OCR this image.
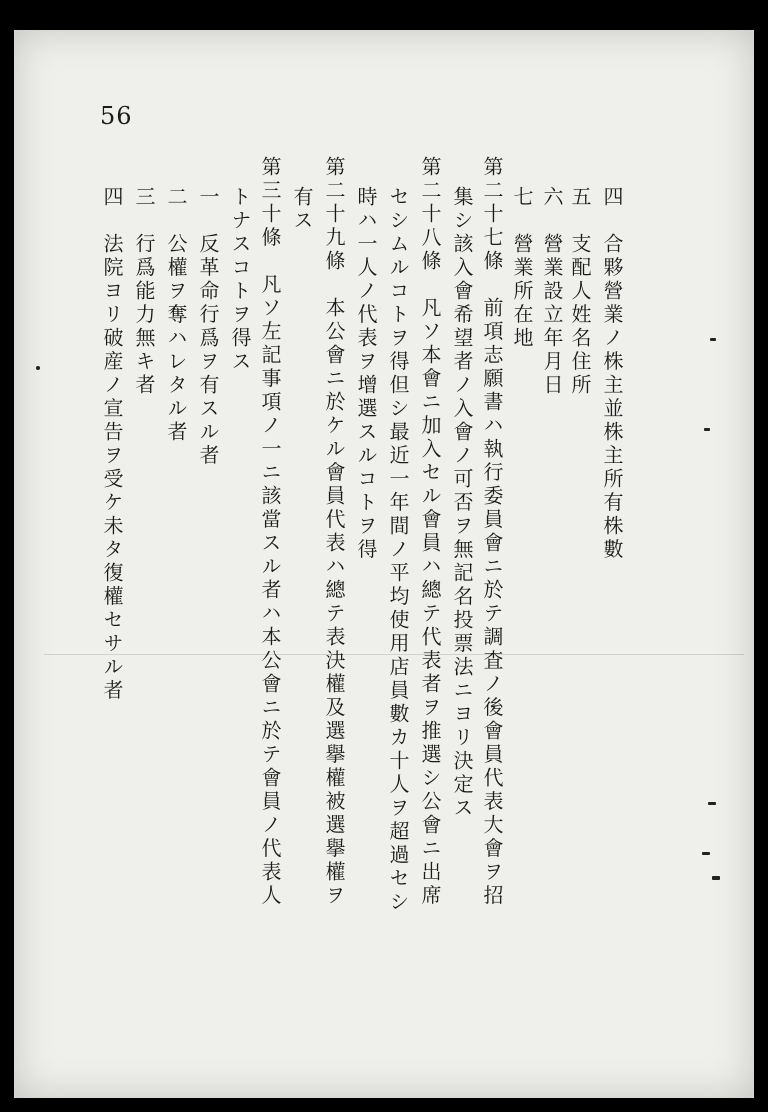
56
四　合夥營業ノ株主並株主所有株數
五　支配人姓名住所
六　營業設立年月日
七　營業所在地
第二十七條　前項志願書ハ執行委員會ニ於テ調査ノ後會員代表大會ヲ招
集シ該入會希望者ノ入會ノ可否ヲ無記名投票法ニヨリ決定ス
第二十八條　凡ソ本會ニ加入セル會員ハ總テ代表者ヲ推選シ公會ニ出席
セシムルコトヲ得但シ最近一年間ノ平均使用店員數カ十人ヲ超過セシ
時ハ一人ノ代表ヲ增選スルコトヲ得
第二十九條　本公會ニ於ケル會員代表ハ總テ表決權及選擧權被選擧權ヲ
有ス
第三十條　凡ソ左記事項ノ一ニ該當スル者ハ本公會ニ於テ會員ノ代表人
トナスコトヲ得ス
一　反革命行爲ヲ有スル者
二　公權ヲ奪ハレタル者
三　行爲能力無キ者
四　法院ヨリ破産ノ宣告ヲ受ケ未タ復權セサル者
